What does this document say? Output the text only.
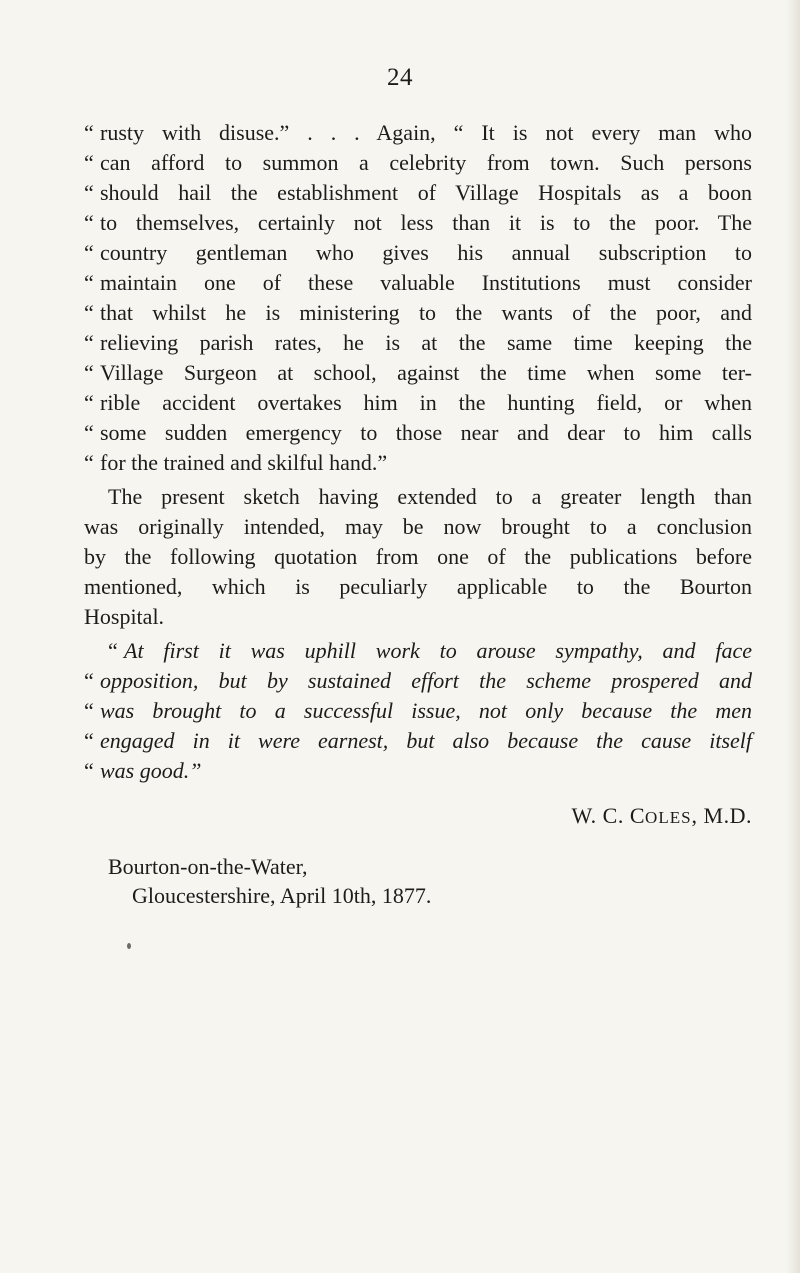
24
“ rusty with disuse.” . . . Again, “ It is not every man who
“ can afford to summon a celebrity from town. Such persons
“ should hail the establishment of Village Hospitals as a boon
“ to themselves, certainly not less than it is to the poor. The
“ country gentleman who gives his annual subscription to
“ maintain one of these valuable Institutions must consider
“ that whilst he is ministering to the wants of the poor, and
“ relieving parish rates, he is at the same time keeping the
“ Village Surgeon at school, against the time when some ter-
“ rible accident overtakes him in the hunting field, or when
“ some sudden emergency to those near and dear to him calls
“ for the trained and skilful hand.”
The present sketch having extended to a greater length than
was originally intended, may be now brought to a conclusion
by the following quotation from one of the publications before
mentioned, which is peculiarly applicable to the Bourton
Hospital.
“ At first it was uphill work to arouse sympathy, and face
“ opposition, but by sustained effort the scheme prospered and
“ was brought to a successful issue, not only because the men
“ engaged in it were earnest, but also because the cause itself
“ was good.”
W. C. COLES, M.D.
Bourton-on-the-Water,
Gloucestershire, April 10th, 1877.
